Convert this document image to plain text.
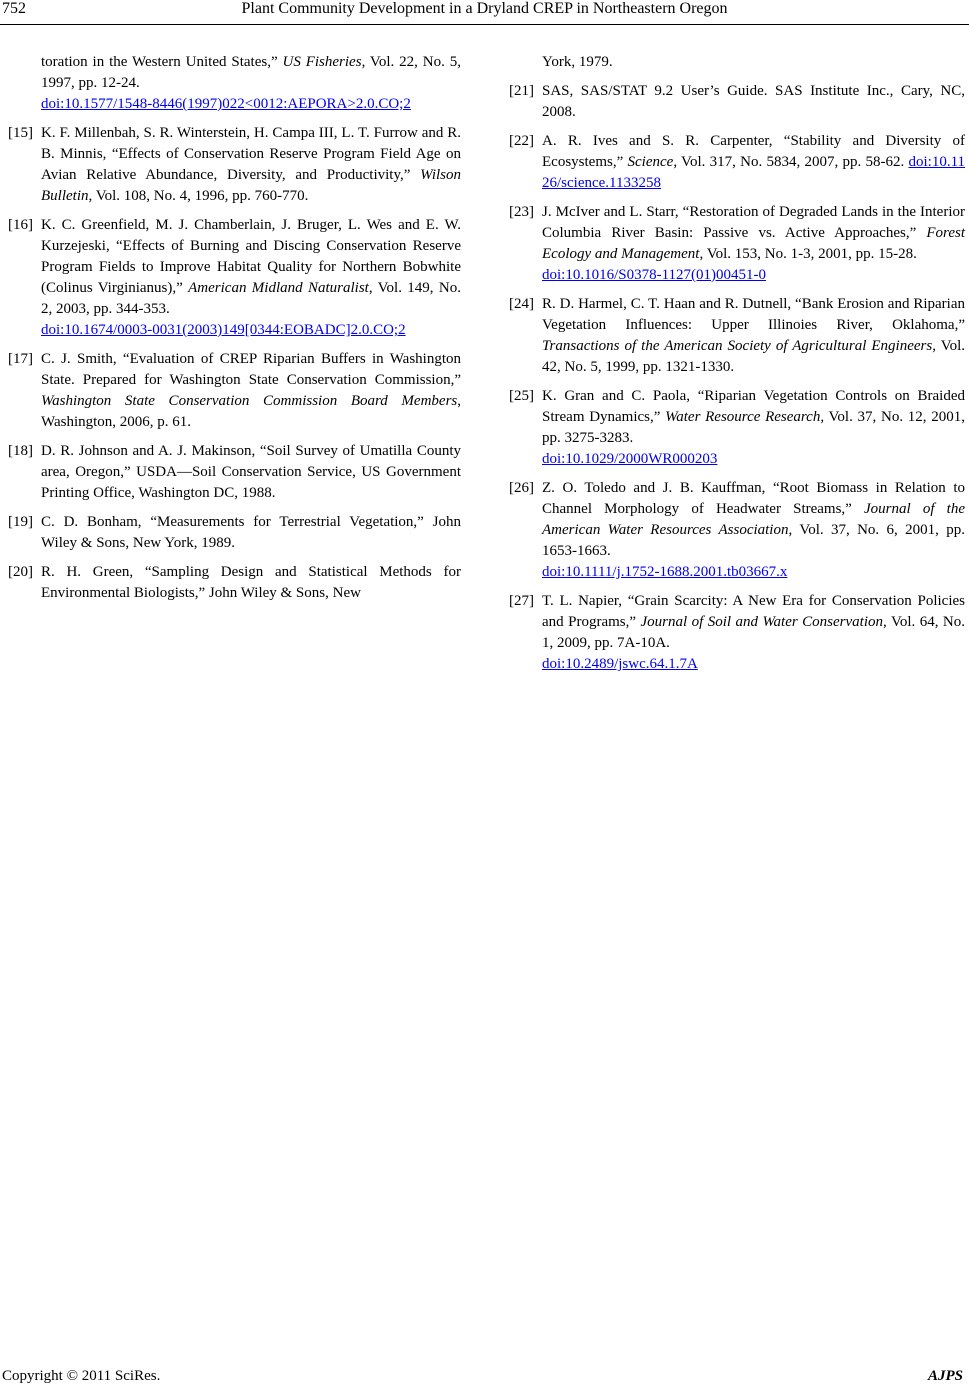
752	Plant Community Development in a Dryland CREP in Northeastern Oregon
toration in the Western United States,” US Fisheries, Vol. 22, No. 5, 1997, pp. 12-24.
doi:10.1577/1548-8446(1997)022<0012:AEPORA>2.0.CO;2
[15] K. F. Millenbah, S. R. Winterstein, H. Campa III, L. T. Furrow and R. B. Minnis, “Effects of Conservation Reserve Program Field Age on Avian Relative Abundance, Diversity, and Productivity,” Wilson Bulletin, Vol. 108, No. 4, 1996, pp. 760-770.
[16] K. C. Greenfield, M. J. Chamberlain, J. Bruger, L. Wes and E. W. Kurzejeski, “Effects of Burning and Discing Conservation Reserve Program Fields to Improve Habitat Quality for Northern Bobwhite (Colinus Virginianus),” American Midland Naturalist, Vol. 149, No. 2, 2003, pp. 344-353.
doi:10.1674/0003-0031(2003)149[0344:EOBADC]2.0.CO;2
[17] C. J. Smith, “Evaluation of CREP Riparian Buffers in Washington State. Prepared for Washington State Conservation Commission,” Washington State Conservation Commission Board Members, Washington, 2006, p. 61.
[18] D. R. Johnson and A. J. Makinson, “Soil Survey of Umatilla County area, Oregon,” USDA—Soil Conservation Service, US Government Printing Office, Washington DC, 1988.
[19] C. D. Bonham, “Measurements for Terrestrial Vegetation,” John Wiley & Sons, New York, 1989.
[20] R. H. Green, “Sampling Design and Statistical Methods for Environmental Biologists,” John Wiley & Sons, New
York, 1979.
[21] SAS, SAS/STAT 9.2 User’s Guide. SAS Institute Inc., Cary, NC, 2008.
[22] A. R. Ives and S. R. Carpenter, “Stability and Diversity of Ecosystems,” Science, Vol. 317, No. 5834, 2007, pp. 58-62. doi:10.1126/science.1133258
[23] J. McIver and L. Starr, “Restoration of Degraded Lands in the Interior Columbia River Basin: Passive vs. Active Approaches,” Forest Ecology and Management, Vol. 153, No. 1-3, 2001, pp. 15-28.
doi:10.1016/S0378-1127(01)00451-0
[24] R. D. Harmel, C. T. Haan and R. Dutnell, “Bank Erosion and Riparian Vegetation Influences: Upper Illinoies River, Oklahoma,” Transactions of the American Society of Agricultural Engineers, Vol. 42, No. 5, 1999, pp. 1321-1330.
[25] K. Gran and C. Paola, “Riparian Vegetation Controls on Braided Stream Dynamics,” Water Resource Research, Vol. 37, No. 12, 2001, pp. 3275-3283.
doi:10.1029/2000WR000203
[26] Z. O. Toledo and J. B. Kauffman, “Root Biomass in Relation to Channel Morphology of Headwater Streams,” Journal of the American Water Resources Association, Vol. 37, No. 6, 2001, pp. 1653-1663.
doi:10.1111/j.1752-1688.2001.tb03667.x
[27] T. L. Napier, “Grain Scarcity: A New Era for Conservation Policies and Programs,” Journal of Soil and Water Conservation, Vol. 64, No. 1, 2009, pp. 7A-10A.
doi:10.2489/jswc.64.1.7A
Copyright © 2011 SciRes.	AJPS
